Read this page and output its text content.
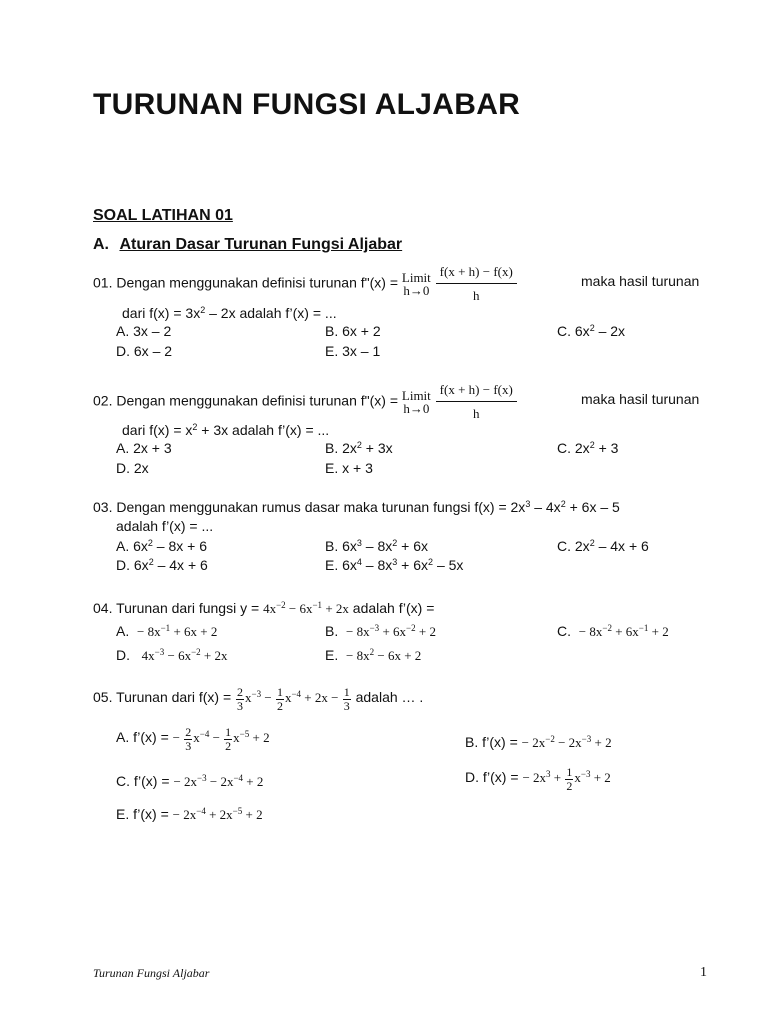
TURUNAN FUNGSI ALJABAR
SOAL LATIHAN 01
A. Aturan Dasar Turunan Fungsi Aljabar
01. Dengan menggunakan definisi turunan f"(x) = Limit
h→0
$\frac{f(x + h) - f(x)}{h}$	maka hasil turunan
dari $f(x) = 3x^2 - 2x$ adalah f’(x) = ...
A. 3x – 2	B. 6x + 2	C. $6x^2 - 2x$
D. 6x – 2	E. 3x – 1
02. Dengan menggunakan definisi turunan f"(x) = Limit
h→0
$\frac{f(x + h) - f(x)}{h}$	maka hasil turunan
dari $f(x) = x^2 + 3x$ adalah f’(x) = ...
A. 2x + 3	B. $2x^2 + 3x$	C. $2x^2 + 3$
D. 2x	E. x + 3
03. Dengan menggunakan rumus dasar maka turunan fungsi $f(x) = 2x^3 - 4x^2 + 6x - 5$
adalah f’(x) = ...
A. $6x^2 - 8x + 6$	B. $6x^3 - 8x^2 + 6x$	C. $2x^2 - 4x + 6$
D. $6x^2 - 4x + 6$	E. $6x^4 - 8x^3 + 6x^2 - 5x$
04. Turunan dari fungsi $y = 4x^{-2} - 6x^{-1} + 2x$ adalah f’(x) =
A. − $8x^{-1} + 6x + 2$	B. − $8x^{-3} + 6x^{-2} + 2$	C. − $8x^{-2} + 6x^{-1} + 2$
D. $4x^{-3} - 6x^{-2} + 2x$	E. − $8x^2 - 6x + 2$
05. Turunan dari $f(x) = \frac{2}{3} x^{-3} - \frac{1}{2} x^{-4} + 2x - \frac{1}{3}$ adalah … .
A. f’(x) = − $\frac{2}{3} x^{-4} - \frac{1}{2} x^{-5} + 2$	B. f’(x) = − $2x^{-2} - 2x^{-3} + 2$
C. f’(x) = − $2x^{-3} - 2x^{-4} + 2$	D. f’(x) = − $2x^3 + \frac{1}{2} x^{-3} + 2$
E. f’(x) = − $2x^{-4} + 2x^{-5} + 2$
Turunan Fungsi Aljabar	1
